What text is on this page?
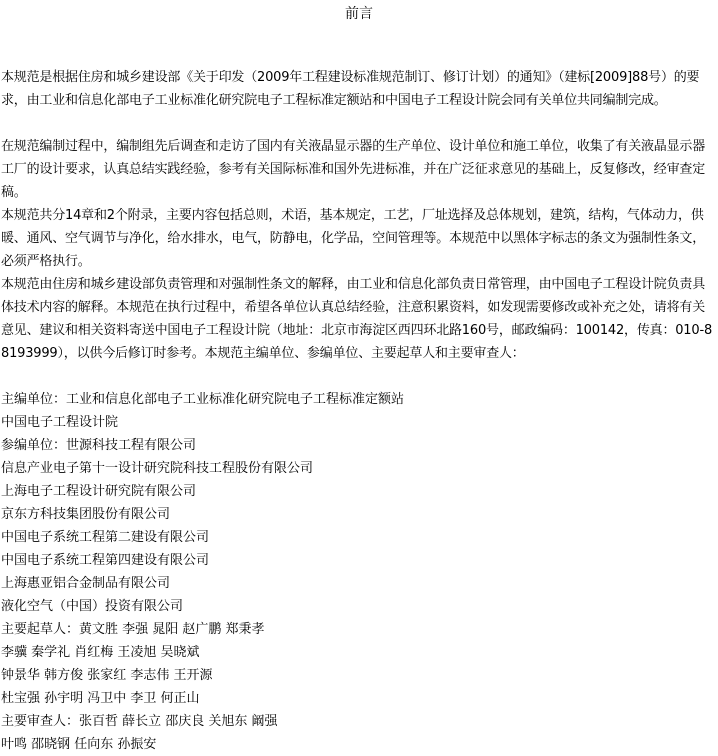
前言
本规范是根据住房和城乡建设部《关于印发（2009年工程建设标准规范制订、修订计划）的通知》（建标[2009]88号）的要求，由工业和信息化部电子工业标准化研究院电子工程标准定额站和中国电子工程设计院会同有关单位共同编制完成。
在规范编制过程中，编制组先后调查和走访了国内有关液晶显示器的生产单位、设计单位和施工单位，收集了有关液晶显示器工厂的设计要求，认真总结实践经验，参考有关国际标准和国外先进标准，并在广泛征求意见的基础上，反复修改，经审查定稿。
本规范共分14章和2个附录，主要内容包括总则，术语，基本规定，工艺，厂址选择及总体规划，建筑，结构，气体动力，供暖、通风、空气调节与净化，给水排水，电气，防静电，化学品，空间管理等。本规范中以黑体字标志的条文为强制性条文，必须严格执行。
本规范由住房和城乡建设部负责管理和对强制性条文的解释，由工业和信息化部负责日常管理，由中国电子工程设计院负责具体技术内容的解释。本规范在执行过程中，希望各单位认真总结经验，注意积累资料，如发现需要修改或补充之处，请将有关意见、建议和相关资料寄送中国电子工程设计院（地址：北京市海淀区西四环北路160号，邮政编码：100142，传真：010-88193999），以供今后修订时参考。本规范主编单位、参编单位、主要起草人和主要审查人：
主编单位：工业和信息化部电子工业标准化研究院电子工程标准定额站
中国电子工程设计院
参编单位：世源科技工程有限公司
信息产业电子第十一设计研究院科技工程股份有限公司
上海电子工程设计研究院有限公司
京东方科技集团股份有限公司
中国电子系统工程第二建设有限公司
中国电子系统工程第四建设有限公司
上海惠亚铝合金制品有限公司
液化空气（中国）投资有限公司
主要起草人：黄文胜 李强 晁阳 赵广鹏 郑秉孝
李骥 秦学礼 肖红梅 王凌旭 吴晓斌
钟景华 韩方俊 张家红 李志伟 王开源
杜宝强 孙宇明 冯卫中 李卫 何正山
主要审查人：张百哲 薛长立 邵庆良 关旭东 阚强
叶鸣 邵晓钢 任向东 孙振安
